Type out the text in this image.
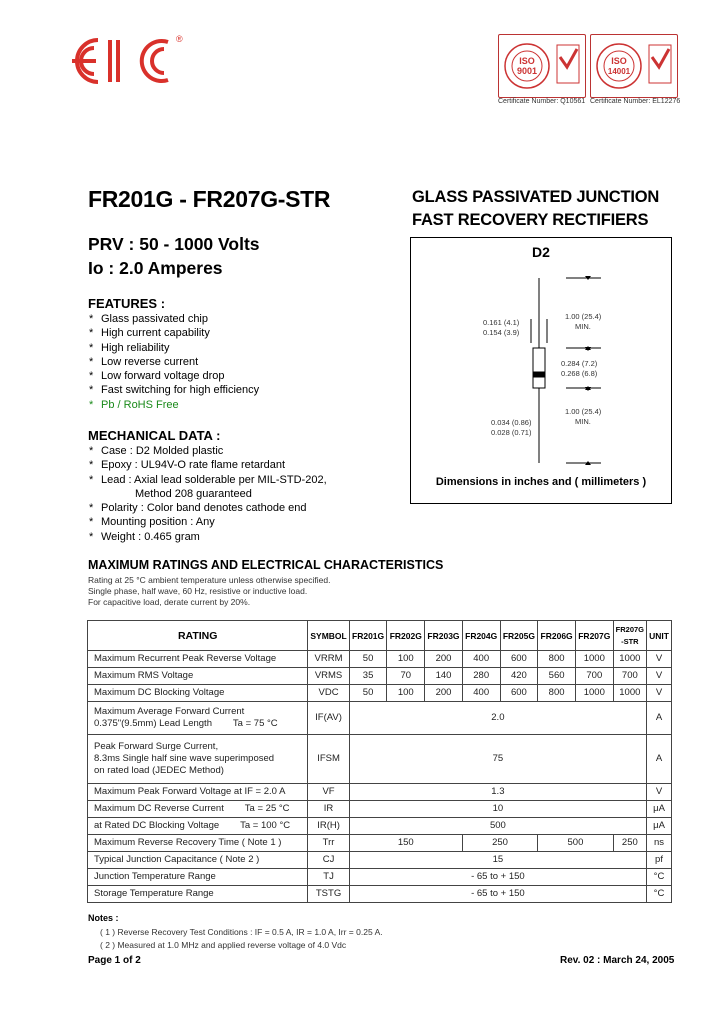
®
ISO
9001
Certificate Number: Q10561
ISO
14001
Certificate Number: EL12276
FR201G - FR207G-STR	GLASS PASSIVATED JUNCTION
FAST RECOVERY RECTIFIERS
PRV : 50 - 1000 Volts
Io : 2.0 Amperes
FEATURES :
* Glass passivated chip
* High current capability
* High reliability
* Low reverse current
* Low forward voltage drop
* Fast switching for high efficiency
* Pb / RoHS Free
MECHANICAL DATA :
* Case : D2 Molded plastic
* Epoxy : UL94V-O rate flame retardant
* Lead : Axial lead solderable per MIL-STD-202,
Method 208 guaranteed
* Polarity : Color band denotes cathode end
* Mounting position : Any
* Weight : 0.465 gram
D2
0.161 (4.1)
0.154 (3.9)
1.00 (25.4)
MIN.
0.284 (7.2)
0.268 (6.8)
0.034 (0.86)
0.028 (0.71)
1.00 (25.4)
MIN.
Dimensions in inches and ( millimeters )
MAXIMUM RATINGS AND ELECTRICAL CHARACTERISTICS
Rating at 25 °C ambient temperature unless otherwise specified.
Single phase, half wave, 60 Hz, resistive or inductive load.
For capacitive load, derate current by 20%.
RATING	SYMBOL	FR201G	FR202G	FR203G	FR204G	FR205G	FR206G	FR207G	FR207G -STR	UNIT
Maximum Recurrent Peak Reverse Voltage	VRRM	50	100	200	400	600	800	1000	1000	V
Maximum RMS Voltage	VRMS	35	70	140	280	420	560	700	700	V
Maximum DC Blocking Voltage	VDC	50	100	200	400	600	800	1000	1000	V

Maximum Average Forward Current
0.375"(9.5mm) Lead Length        Ta = 75 °C	IF(AV)	2.0								A

Peak Forward Surge Current,
8.3ms Single half sine wave superimposed
on rated load (JEDEC Method)	IFSM	75								A
Maximum Peak Forward Voltage at IF = 2.0 A	VF	1.3								V
Maximum DC Reverse Current        Ta = 25 °C	IR	10								μA
at Rated DC Blocking Voltage        Ta = 100 °C	IR(H)	500								μA
Maximum Reverse Recovery Time ( Note 1 )	Trr	150			250		500		250	ns
Typical Junction Capacitance ( Note 2 )	CJ	15								pf
Junction Temperature Range	TJ	- 65 to + 150								°C
Storage Temperature Range	TSTG	- 65 to + 150								°C
Notes :
( 1 ) Reverse Recovery Test Conditions : IF = 0.5 A, IR = 1.0 A, Irr = 0.25 A.
( 2 ) Measured at 1.0 MHz and applied reverse voltage of 4.0 Vdc
Page 1 of 2	Rev. 02 : March 24, 2005
